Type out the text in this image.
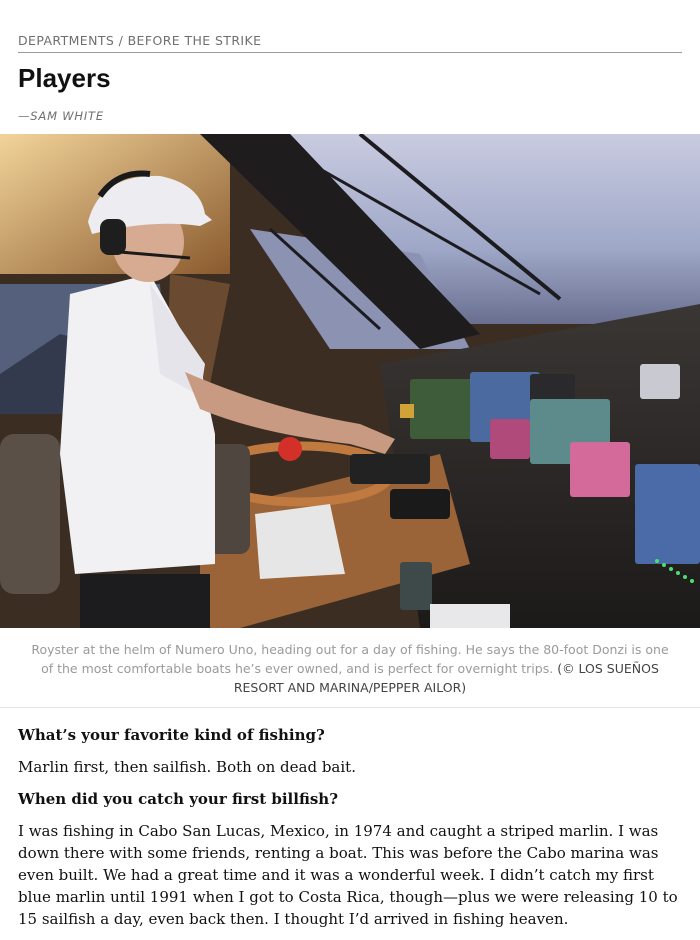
DEPARTMENTS / BEFORE THE STRIKE
Players
—SAM WHITE

Royster at the helm of Numero Uno, heading out for a day of fishing. He says the 80-foot Donzi is one of the most comfortable boats he’s ever owned, and is perfect for overnight trips. (© LOS SUEÑOS RESORT AND MARINA/PEPPER AILOR)

What’s your favorite kind of fishing?

Marlin first, then sailfish. Both on dead bait.

When did you catch your first billfish?

I was fishing in Cabo San Lucas, Mexico, in 1974 and caught a striped marlin. I was down there with some friends, renting a boat. This was before the Cabo marina was even built. We had a great time and it was a wonderful week. I didn’t catch my first blue marlin until 1991 when I got to Costa Rica, though—plus we were releasing 10 to 15 sailfish a day, even back then. I thought I’d arrived in fishing heaven.
